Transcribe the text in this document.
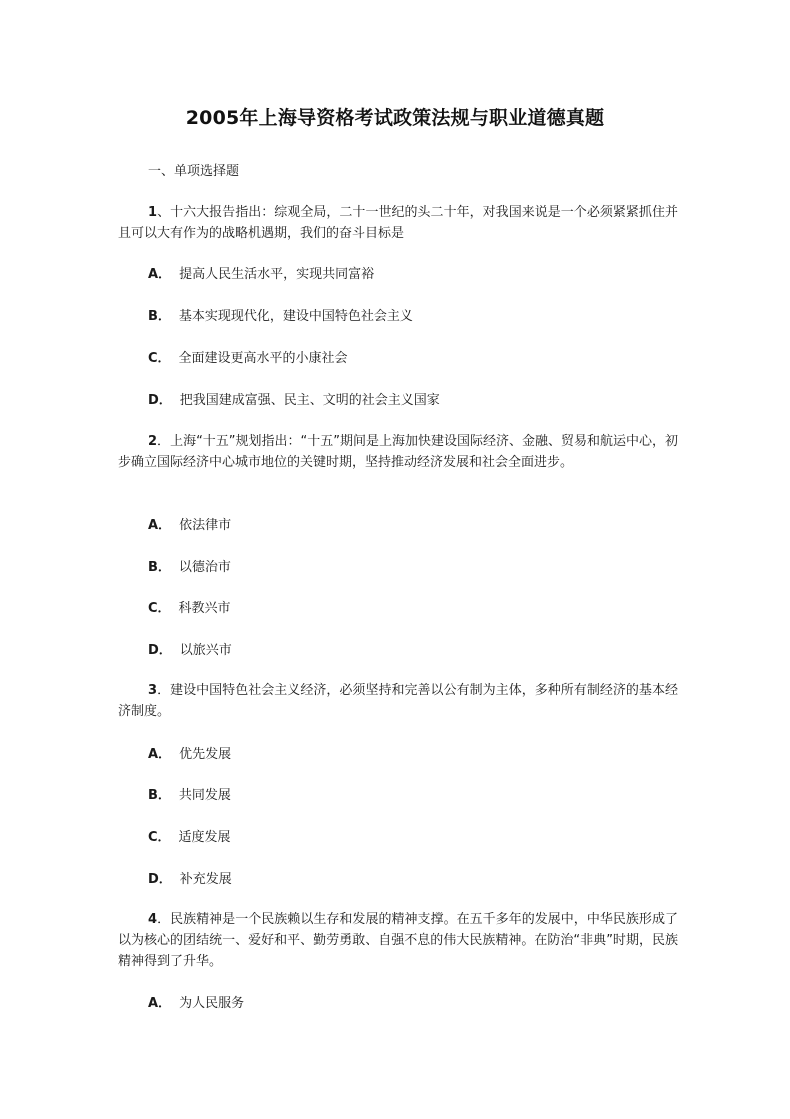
2005年上海导资格考试政策法规与职业道德真题

一、单项选择题

1、十六大报告指出：综观全局，二十一世纪的头二十年，对我国来说是一个必须紧紧抓住并且可以大有作为的战略机遇期，我们的奋斗目标是

A． 提高人民生活水平，实现共同富裕

B． 基本实现现代化，建设中国特色社会主义

C． 全面建设更高水平的小康社会

D． 把我国建成富强、民主、文明的社会主义国家

2．上海“十五”规划指出：“十五”期间是上海加快建设国际经济、金融、贸易和航运中心，初步确立国际经济中心城市地位的关键时期，坚持推动经济发展和社会全面进步。

A． 依法律市

B． 以德治市

C． 科教兴市

D． 以旅兴市

3．建设中国特色社会主义经济，必须坚持和完善以公有制为主体，多种所有制经济的基本经济制度。

A． 优先发展

B． 共同发展

C． 适度发展

D． 补充发展

4．民族精神是一个民族赖以生存和发展的精神支撑。在五千多年的发展中，中华民族形成了以为核心的团结统一、爱好和平、勤劳勇敢、自强不息的伟大民族精神。在防治“非典”时期，民族精神得到了升华。

A． 为人民服务
